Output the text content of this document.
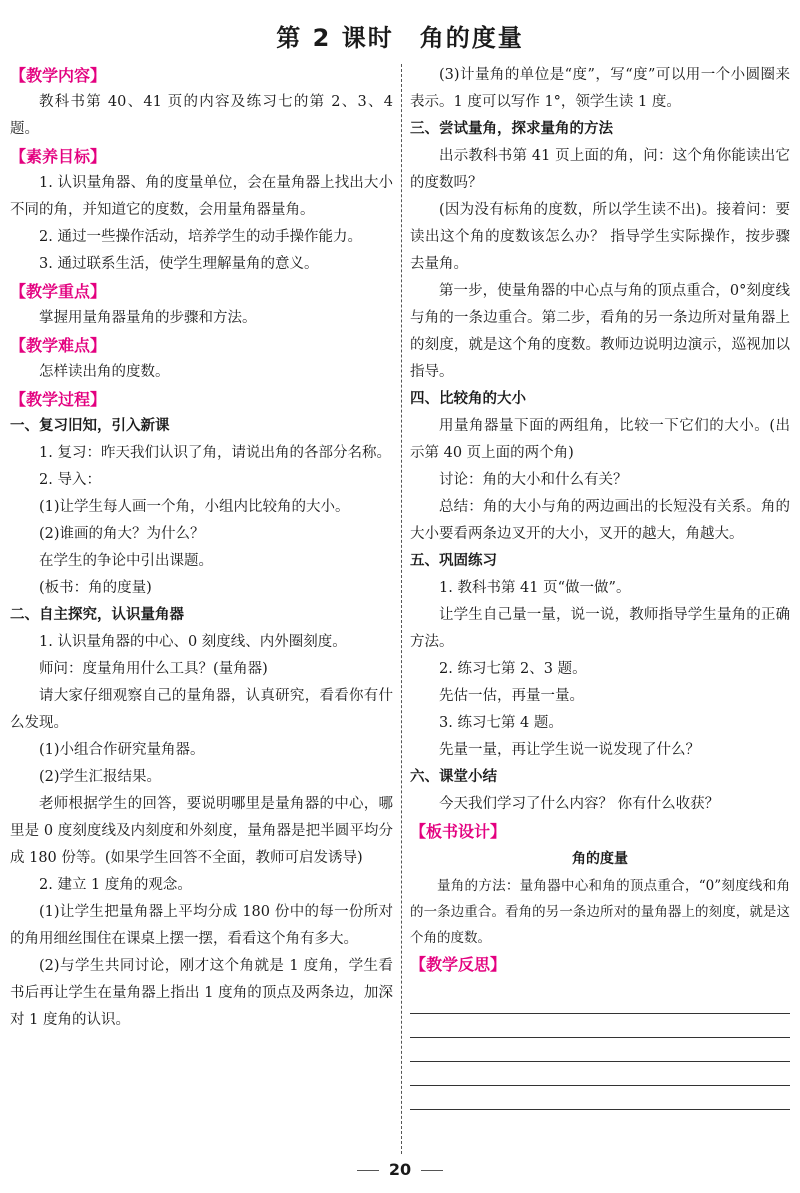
第 2 课时　角的度量
【教学内容】

教科书第 40、41 页的内容及练习七的第 2、3、4 题。

【素养目标】

1. 认识量角器、角的度量单位，会在量角器上找出大小不同的角，并知道它的度数，会用量角器量角。

2. 通过一些操作活动，培养学生的动手操作能力。

3. 通过联系生活，使学生理解量角的意义。

【教学重点】

掌握用量角器量角的步骤和方法。

【教学难点】

怎样读出角的度数。

【教学过程】

一、复习旧知，引入新课

1. 复习：昨天我们认识了角，请说出角的各部分名称。

2. 导入：

(1)让学生每人画一个角，小组内比较角的大小。

(2)谁画的角大？为什么？

在学生的争论中引出课题。

(板书：角的度量)

二、自主探究，认识量角器

1. 认识量角器的中心、0 刻度线、内外圈刻度。

师问：度量角用什么工具？(量角器)

请大家仔细观察自己的量角器，认真研究，看看你有什么发现。

(1)小组合作研究量角器。

(2)学生汇报结果。

老师根据学生的回答，要说明哪里是量角器的中心，哪里是 0 度刻度线及内刻度和外刻度，量角器是把半圆平均分成 180 份等。(如果学生回答不全面，教师可启发诱导)

2. 建立 1 度角的观念。

(1)让学生把量角器上平均分成 180 份中的每一份所对的角用细丝围住在课桌上摆一摆，看看这个角有多大。

(2)与学生共同讨论，刚才这个角就是 1 度角，学生看书后再让学生在量角器上指出 1 度角的顶点及两条边，加深对 1 度角的认识。

(3)计量角的单位是“度”，写“度”可以用一个小圆圈来表示。1 度可以写作 1°，领学生读 1 度。

三、尝试量角，探求量角的方法

出示教科书第 41 页上面的角，问：这个角你能读出它的度数吗？

(因为没有标角的度数，所以学生读不出)。接着问：要读出这个角的度数该怎么办？ 指导学生实际操作，按步骤去量角。

第一步，使量角器的中心点与角的顶点重合，0°刻度线与角的一条边重合。第二步，看角的另一条边所对量角器上的刻度，就是这个角的度数。教师边说明边演示，巡视加以指导。

四、比较角的大小

用量角器量下面的两组角，比较一下它们的大小。(出示第 40 页上面的两个角)

讨论：角的大小和什么有关？

总结：角的大小与角的两边画出的长短没有关系。角的大小要看两条边叉开的大小，叉开的越大，角越大。

五、巩固练习

1. 教科书第 41 页“做一做”。

让学生自己量一量，说一说，教师指导学生量角的正确方法。

2. 练习七第 2、3 题。

先估一估，再量一量。

3. 练习七第 4 题。

先量一量，再让学生说一说发现了什么？

六、课堂小结

今天我们学习了什么内容？ 你有什么收获？

【板书设计】

角的度量

量角的方法：量角器中心和角的顶点重合，“0”刻度线和角的一条边重合。看角的另一条边所对的量角器上的刻度，就是这个角的度数。

【教学反思】
20
